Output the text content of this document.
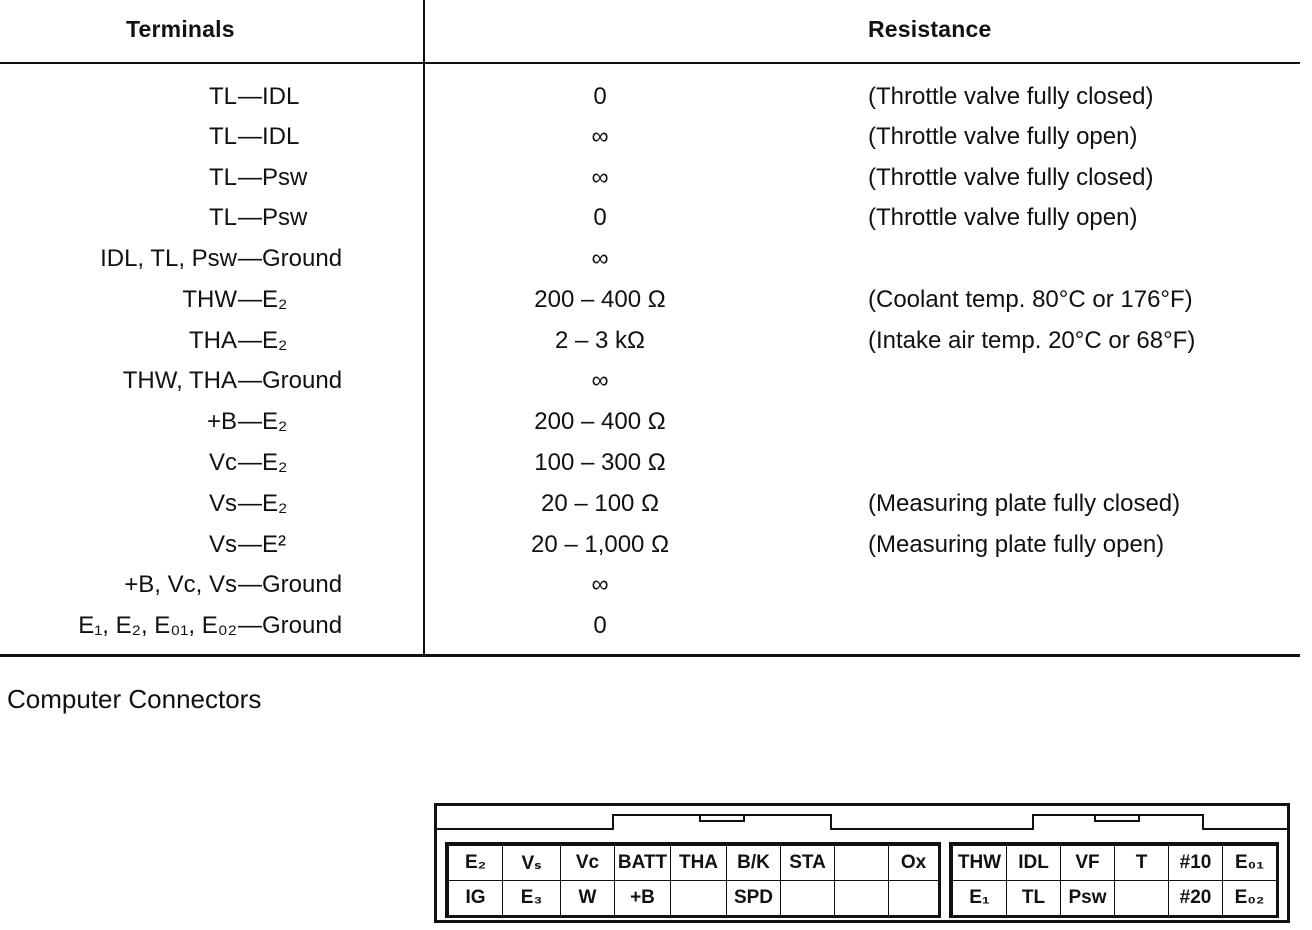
Terminals	Resistance
TL —IDL	0	(Throttle valve fully closed)
TL —IDL	∞	(Throttle valve fully open)
TL —Psw	∞	(Throttle valve fully closed)
TL —Psw	0	(Throttle valve fully open)
IDL, TL, Psw —Ground	∞
THW —E₂	200 – 400 Ω	(Coolant temp. 80°C or 176°F)
THA —E₂	2 – 3 kΩ	(Intake air temp. 20°C or 68°F)
THW, THA —Ground	∞
+B —E₂	200 – 400 Ω
Vc —E₂	100 – 300 Ω
Vs —E₂	20 – 100 Ω	(Measuring plate fully closed)
Vs —E²	20 – 1,000 Ω	(Measuring plate fully open)
+B, Vc, Vs —Ground	∞
E₁, E₂, E₀₁, E₀₂ —Ground	0
Computer Connectors
E₂	Vₛ	Vc	BATT	THA	B/K	STA		Ox
IG	E₃	W	+B		SPD			
THW	IDL	VF	T	#10	E₀₁
E₁	TL	Psw		#20	E₀₂
